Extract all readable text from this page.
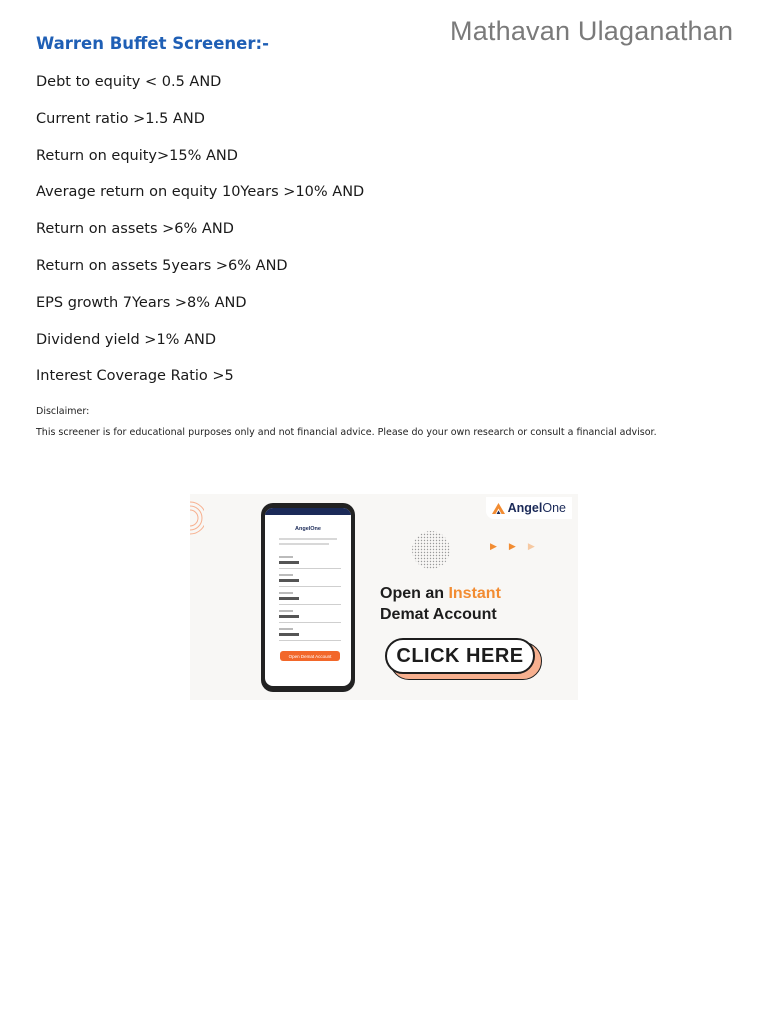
Mathavan Ulaganathan
Warren Buffet Screener:-
Debt to equity < 0.5 AND
Current ratio >1.5 AND
Return on equity>15% AND
Average return on equity 10Years >10% AND
Return on assets >6% AND
Return on assets 5years >6% AND
EPS growth 7Years >8% AND
Dividend yield >1% AND
Interest Coverage Ratio >5
Disclaimer:
This screener is for educational purposes only and not financial advice. Please do your own research or consult a financial advisor.
AngelOne
▶▶▶
Open an Instant
Demat Account
CLICK HERE
AngelOne
Open Demat Account
